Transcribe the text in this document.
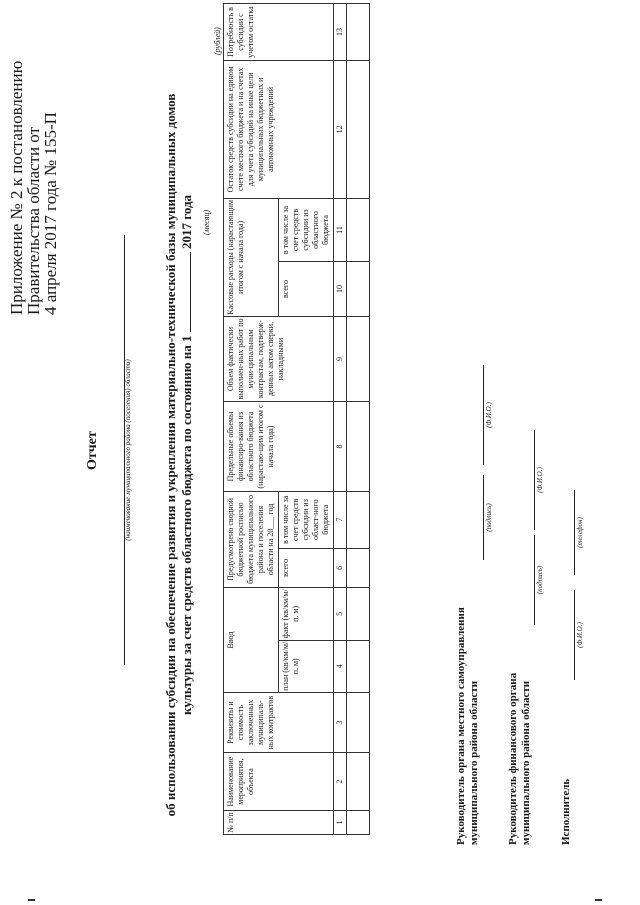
Приложение № 2 к постановлению
Правительства области от
4 апреля 2017 года № 155-П
Отчет	(наименование муниципального района (поселения) области) об использовании субсидии на обеспечение развития и укрепления материально-технической базы муниципальных домов культуры за счет средств областного бюджета по состоянию на 1  2017 года (месяц)
(рублей)
№ п/п	Наименование мероприятия, объекта	Реквизиты и стоимость заключенных муниципаль-ных контрактов	Ввод		Предусмотрено сводной бюджетной росписью бюджета муниципального района и поселения области на 20___ год		Предельные объемы финансиро-вания из областного бюджета (нарастаю-щим итогом с начала года)	Объем фактически выполнен-ных работ по муни-ципальным контрактам, подтверж-денных актом сверки, накладными	Кассовые расходы (нарастающим итогом с начала года)		Остаток средств субсидии на едином счете местного бюджета и на счетах для учета субсидий на иные цели муниципальных бюджетных и автономных учреждений	Потребность в субсидии с учетом остатка
			план (кв/км/м/п. м)	факт (кв/км/м/п. м)	всего	в том числе за счет средств субсидии из област-ного бюджета			всего	в том числе за счет средств субсидии из областного бюджета		
1	2	3	4	5	6	7	8	9	10	11	12	13

Руководитель органа местного самоуправления муниципального района области
(подпись)
(Ф.И.О.)
Руководитель финансового органа муниципального района области
(подпись)
(Ф.И.О.)
Исполнитель
(Ф.И.О.)
(телефон)
